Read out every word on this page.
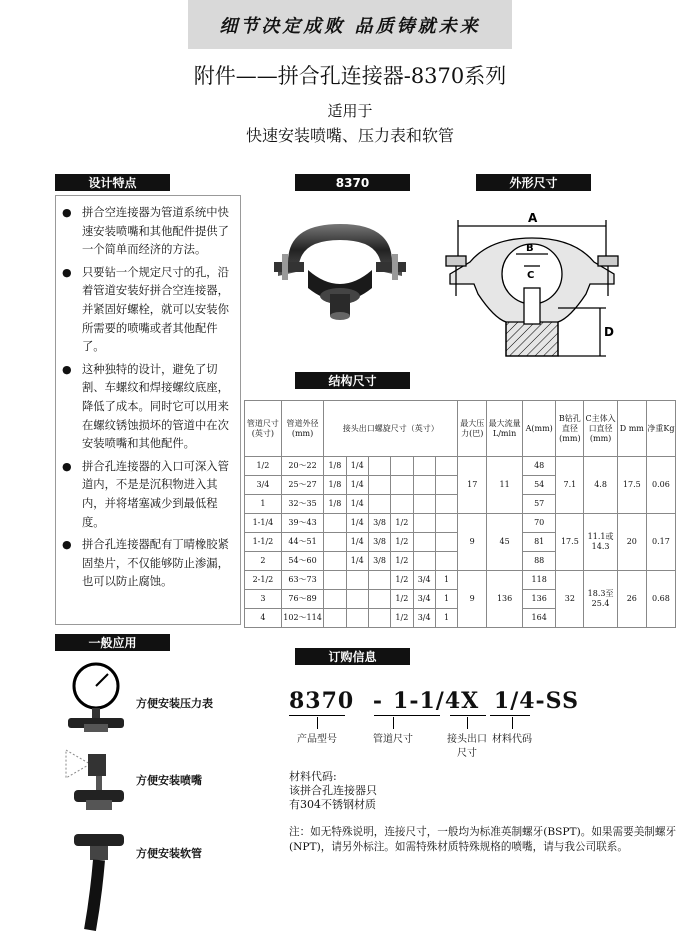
细节决定成败 品质铸就未来
附件——拼合孔连接器-8370系列
适用于
快速安装喷嘴、压力表和软管
设计特点	8370	外形尺寸
结构尺寸
一般应用
订购信息
● 拼合空连接器为管道系统中快速安装喷嘴和其他配件提供了一个简单而经济的方法。
● 只要钻一个规定尺寸的孔，沿着管道安装好拼合空连接器，并紧固好螺栓，就可以安装你所需要的喷嘴或者其他配件了。
● 这种独特的设计，避免了切割、车螺纹和焊接螺纹底座，降低了成本。同时它可以用来在螺纹锈蚀损坏的管道中在次安装喷嘴和其他配件。
● 拼合孔连接器的入口可深入管道内，不是是沉积物进入其内，并将堵塞减少到最低程度。
● 拼合孔连接器配有丁晴橡胶紧固垫片，不仅能够防止渗漏，也可以防止腐蚀。
A
B
C
D
管道尺寸(英寸)	管道外径(mm)	接头出口螺旋尺寸（英寸）						最大压力(巴)	最大流量L/min	A(mm)	B钻孔直径(mm)	C主体入口直径(mm)	D mm	净重Kg
1/2	20～22	1/8	1/4					17	11	48	7.1	4.8	17.5	0.06
3/4	25～27	1/8	1/4							54				
1	32～35	1/8	1/4							57				
1-1/4	39～43		1/4	3/8	1/2			9	45	70	17.5	11.1或14.3	20	0.17
1-1/2	44～51		1/4	3/8	1/2					81				
2	54～60		1/4	3/8	1/2					88				
2-1/2	63～73				1/2	3/4	1	9	136	118	32	18.3至25.4	26	0.68
3	76～89				1/2	3/4	1			136				
4	102～114				1/2	3/4	1			164				
方便安装压力表
方便安装喷嘴
方便安装软管
8370 - 1-1/4X 1/4-SS
产品型号	管道尺寸	接头出口尺寸
材料代码
材料代码:
该拼合孔连接器只
有304不锈钢材质
注：如无特殊说明，连接尺寸，一般均为标准英制螺牙(BSPT)。如果需要美制螺牙(NPT)，请另外标注。如需特殊材质特殊规格的喷嘴，请与我公司联系。
